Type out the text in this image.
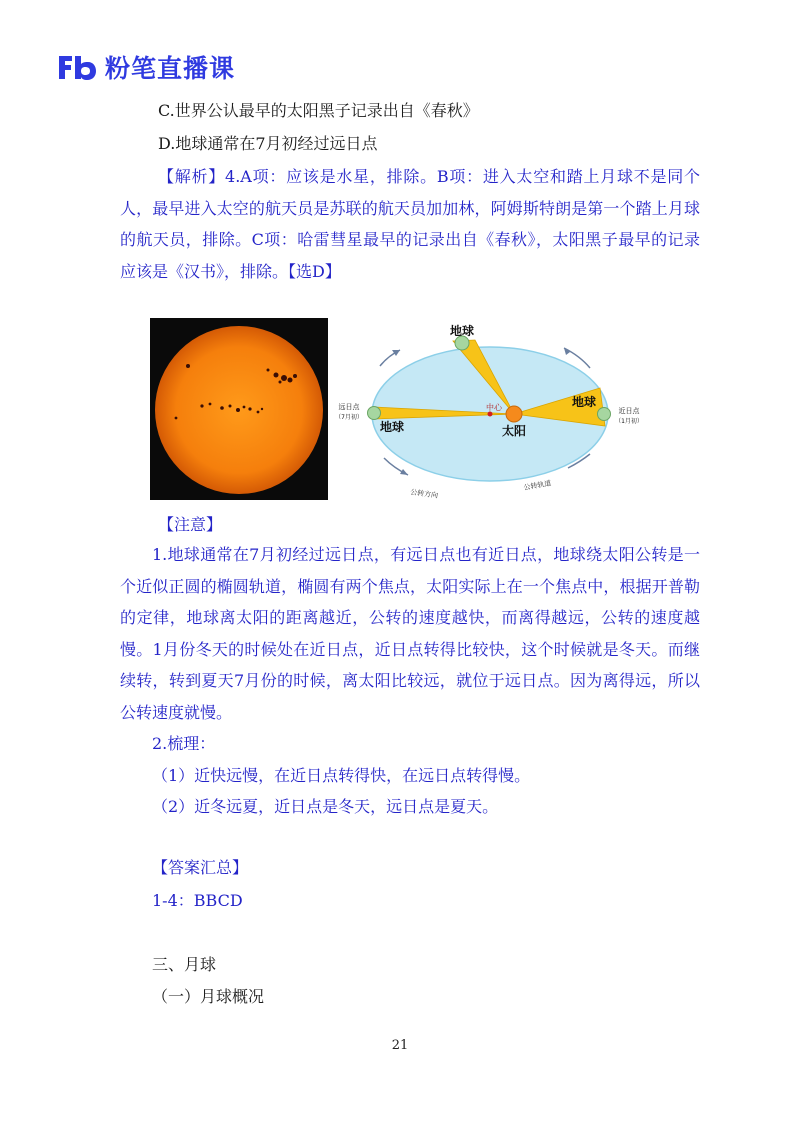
粉笔直播课
C.世界公认最早的太阳黑子记录出自《春秋》
D.地球通常在7月初经过远日点

【解析】4.A项：应该是水星，排除。B项：进入太空和踏上月球不是同个人，最早进入太空的航天员是苏联的航天员加加林，阿姆斯特朗是第一个踏上月球的航天员，排除。C项：哈雷彗星最早的记录出自《春秋》，太阳黑子最早的记录应该是《汉书》，排除。【选D】

地球
地球
地球
太阳
中心
远日点
（7月初）
近日点
（1月初）
公转方向
公转轨道
【注意】

1.地球通常在7月初经过远日点，有远日点也有近日点，地球绕太阳公转是一个近似正圆的椭圆轨道，椭圆有两个焦点，太阳实际上在一个焦点中，根据开普勒的定律，地球离太阳的距离越近，公转的速度越快，而离得越远，公转的速度越慢。1月份冬天的时候处在近日点，近日点转得比较快，这个时候就是冬天。而继续转，转到夏天7月份的时候，离太阳比较远，就位于远日点。因为离得远，所以公转速度就慢。

2.梳理：
（1）近快远慢，在近日点转得快，在远日点转得慢。
（2）近冬远夏，近日点是冬天，远日点是夏天。
【答案汇总】
1-4：BBCD
三、月球
（一）月球概况
21
